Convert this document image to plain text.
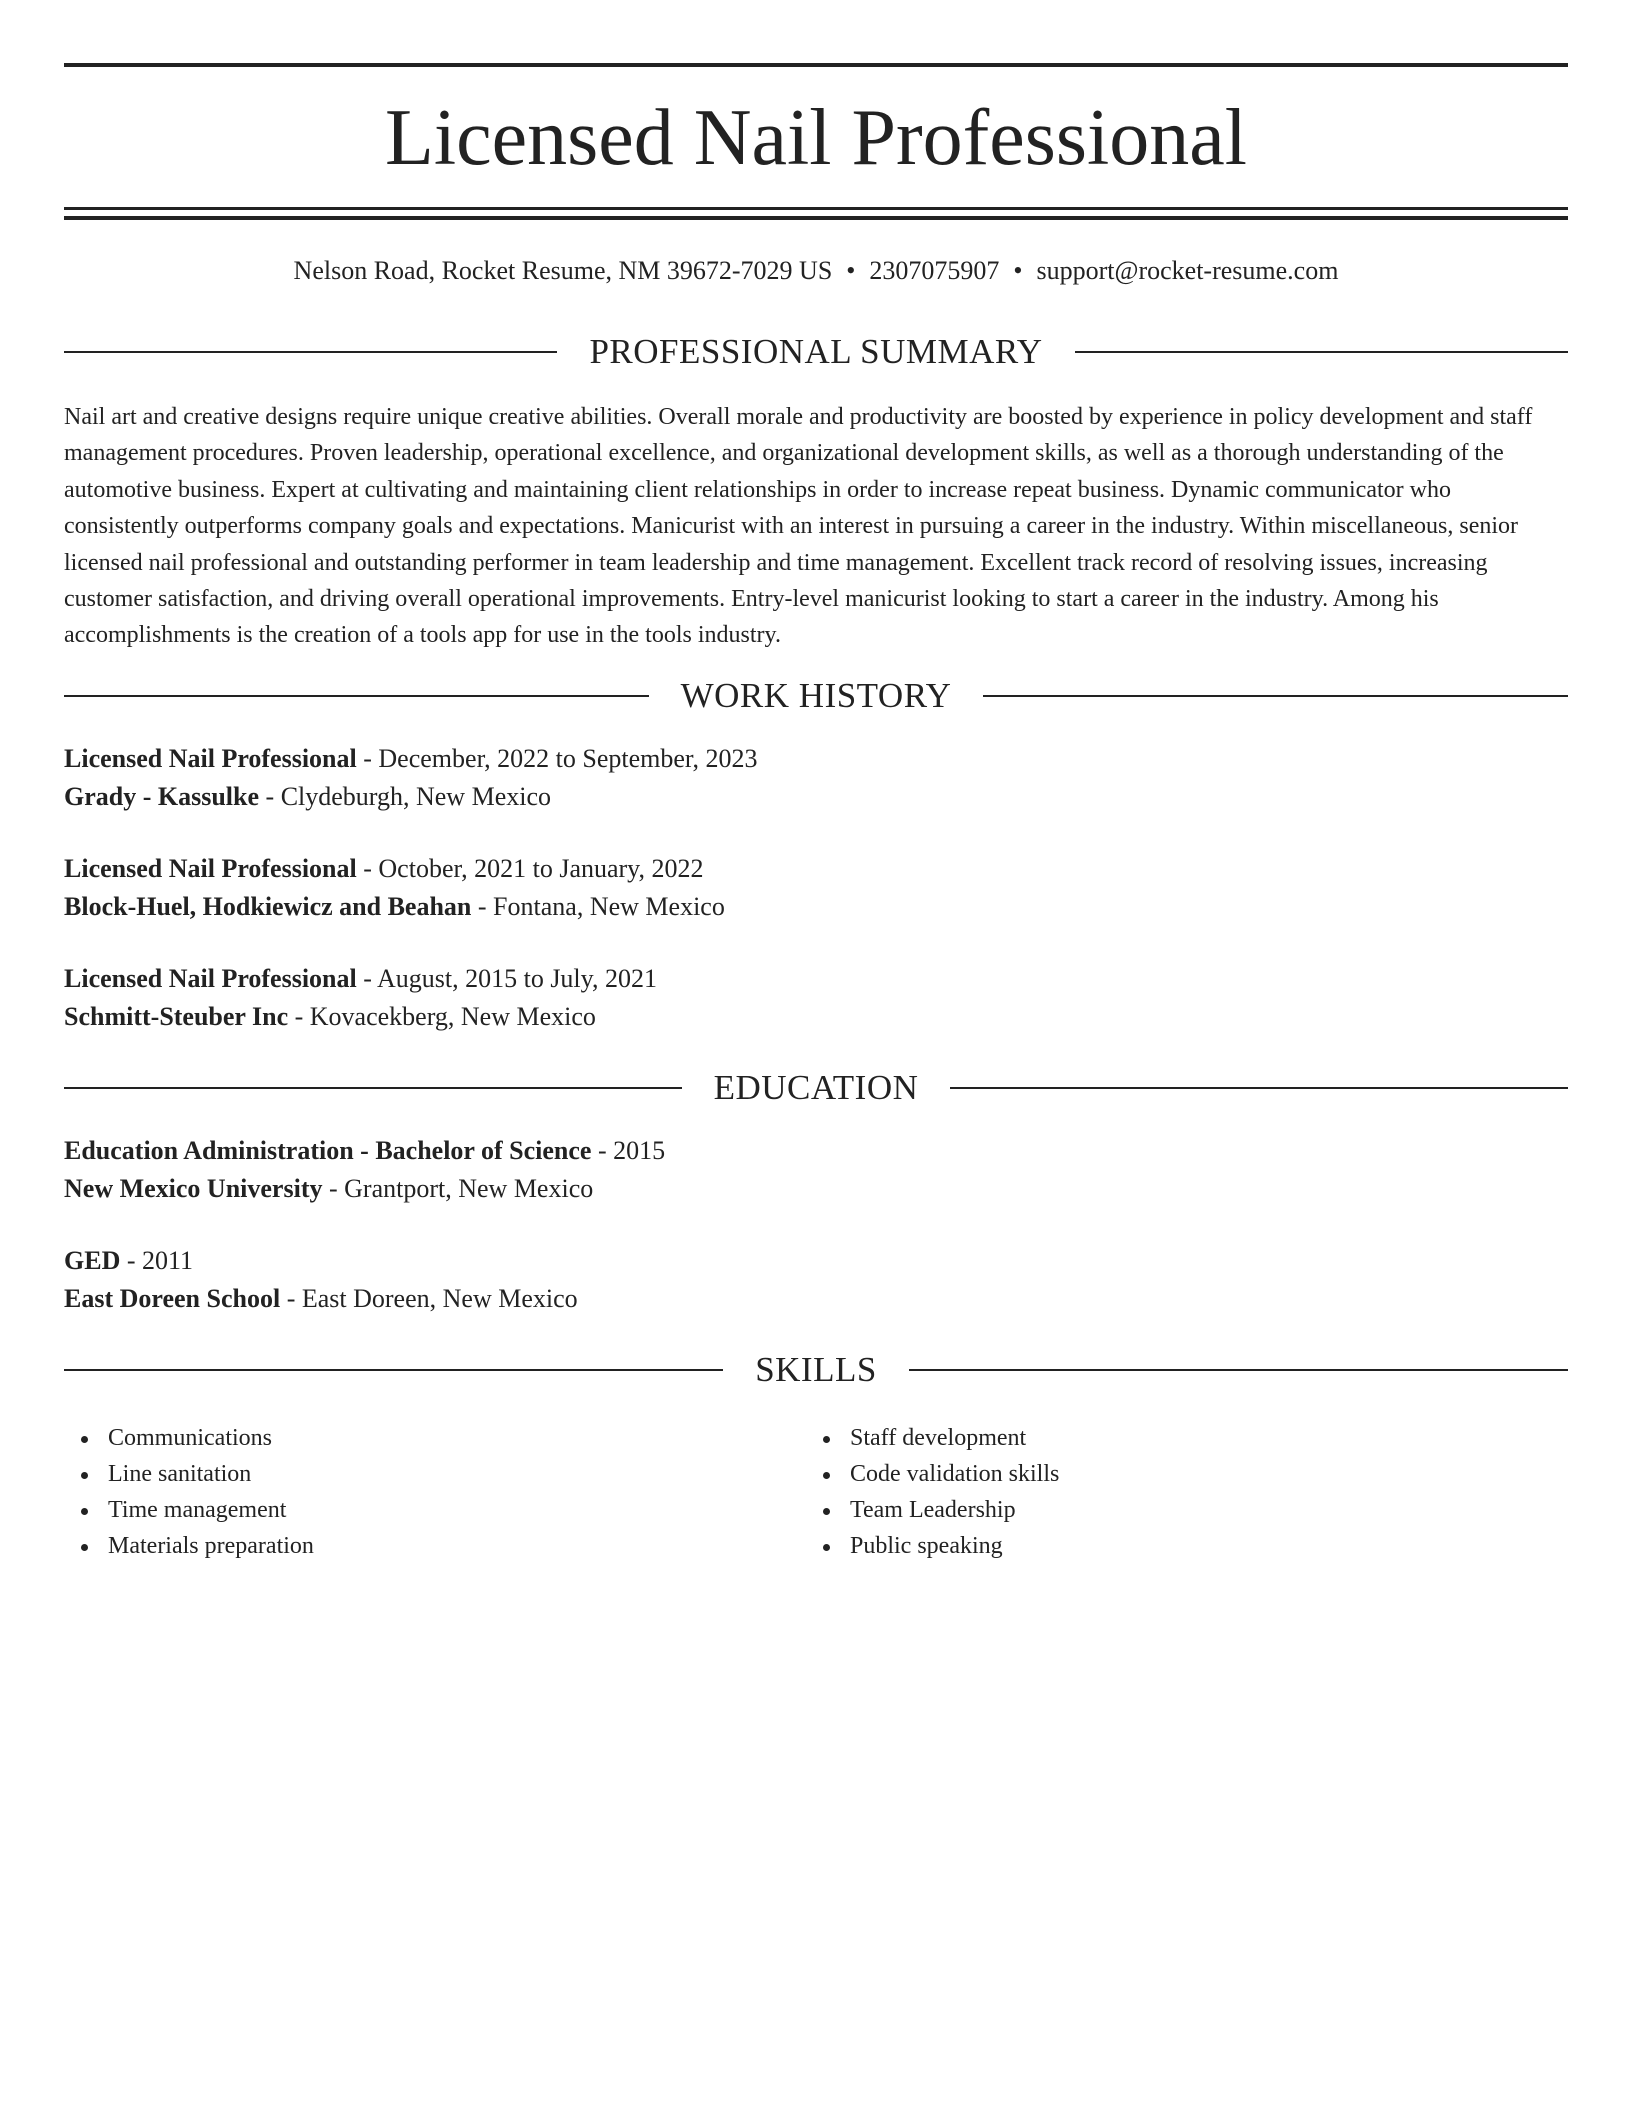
Licensed Nail Professional
Nelson Road, Rocket Resume, NM 39672-7029 US • 2307075907 • support@rocket-resume.com
PROFESSIONAL SUMMARY

Nail art and creative designs require unique creative abilities. Overall morale and productivity are boosted by experience in policy development and staff management procedures. Proven leadership, operational excellence, and organizational development skills, as well as a thorough understanding of the automotive business. Expert at cultivating and maintaining client relationships in order to increase repeat business. Dynamic communicator who consistently outperforms company goals and expectations. Manicurist with an interest in pursuing a career in the industry. Within miscellaneous, senior licensed nail professional and outstanding performer in team leadership and time management. Excellent track record of resolving issues, increasing customer satisfaction, and driving overall operational improvements. Entry-level manicurist looking to start a career in the industry. Among his accomplishments is the creation of a tools app for use in the tools industry.

WORK HISTORY
Licensed Nail Professional - December, 2022 to September, 2023
Grady - Kassulke - Clydeburgh, New Mexico
Licensed Nail Professional - October, 2021 to January, 2022
Block-Huel, Hodkiewicz and Beahan - Fontana, New Mexico
Licensed Nail Professional - August, 2015 to July, 2021
Schmitt-Steuber Inc - Kovacekberg, New Mexico
EDUCATION
Education Administration - Bachelor of Science - 2015
New Mexico University - Grantport, New Mexico
GED - 2011
East Doreen School - East Doreen, New Mexico
SKILLS
Communications
Line sanitation
Time management
Materials preparation
Staff development
Code validation skills
Team Leadership
Public speaking
